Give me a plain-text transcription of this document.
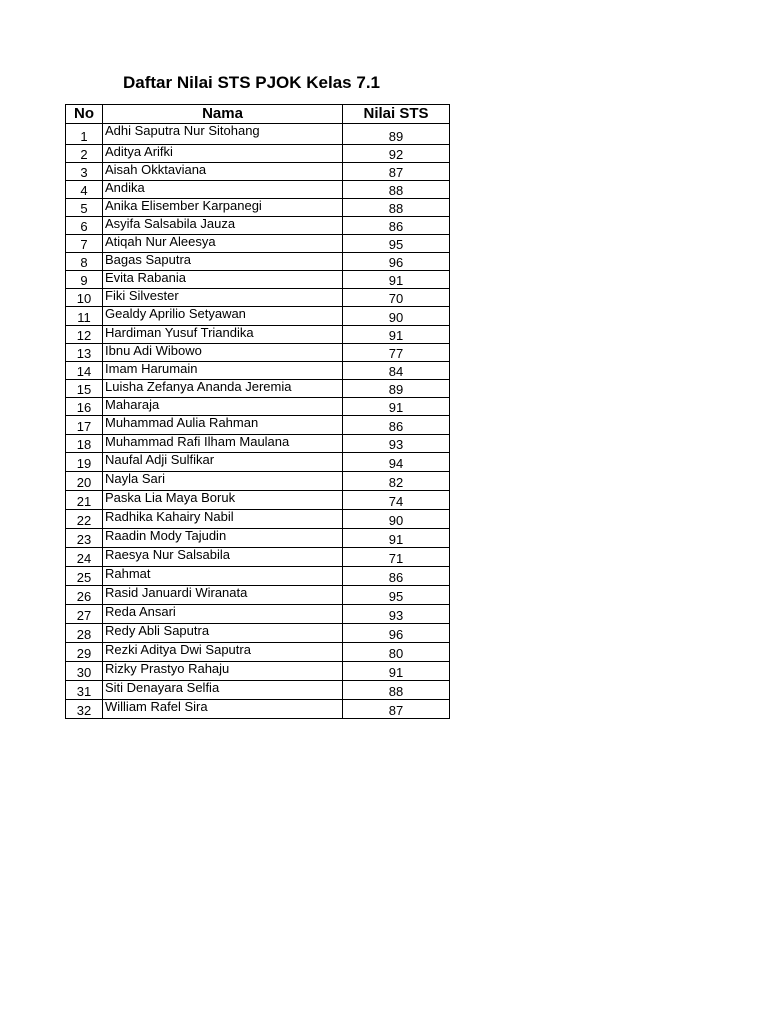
Daftar Nilai STS PJOK Kelas 7.1
No	Nama	Nilai STS
1	Adhi Saputra Nur Sitohang	89
2	Aditya Arifki	92
3	Aisah Okktaviana	87
4	Andika	88
5	Anika Elisember Karpanegi	88
6	Asyifa Salsabila Jauza	86
7	Atiqah Nur Aleesya	95
8	Bagas Saputra	96
9	Evita Rabania	91
10	Fiki Silvester	70
11	Gealdy Aprilio Setyawan	90
12	Hardiman Yusuf Triandika	91
13	Ibnu Adi Wibowo	77
14	Imam Harumain	84
15	Luisha Zefanya Ananda Jeremia	89
16	Maharaja	91
17	Muhammad Aulia Rahman	86
18	Muhammad Rafi Ilham Maulana	93
19	Naufal Adji Sulfikar	94
20	Nayla Sari	82
21	Paska Lia Maya Boruk	74
22	Radhika Kahairy Nabil	90
23	Raadin Mody Tajudin	91
24	Raesya Nur Salsabila	71
25	Rahmat	86
26	Rasid Januardi Wiranata	95
27	Reda Ansari	93
28	Redy Abli Saputra	96
29	Rezki Aditya Dwi Saputra	80
30	Rizky Prastyo Rahaju	91
31	Siti Denayara Selfia	88
32	William Rafel Sira	87
